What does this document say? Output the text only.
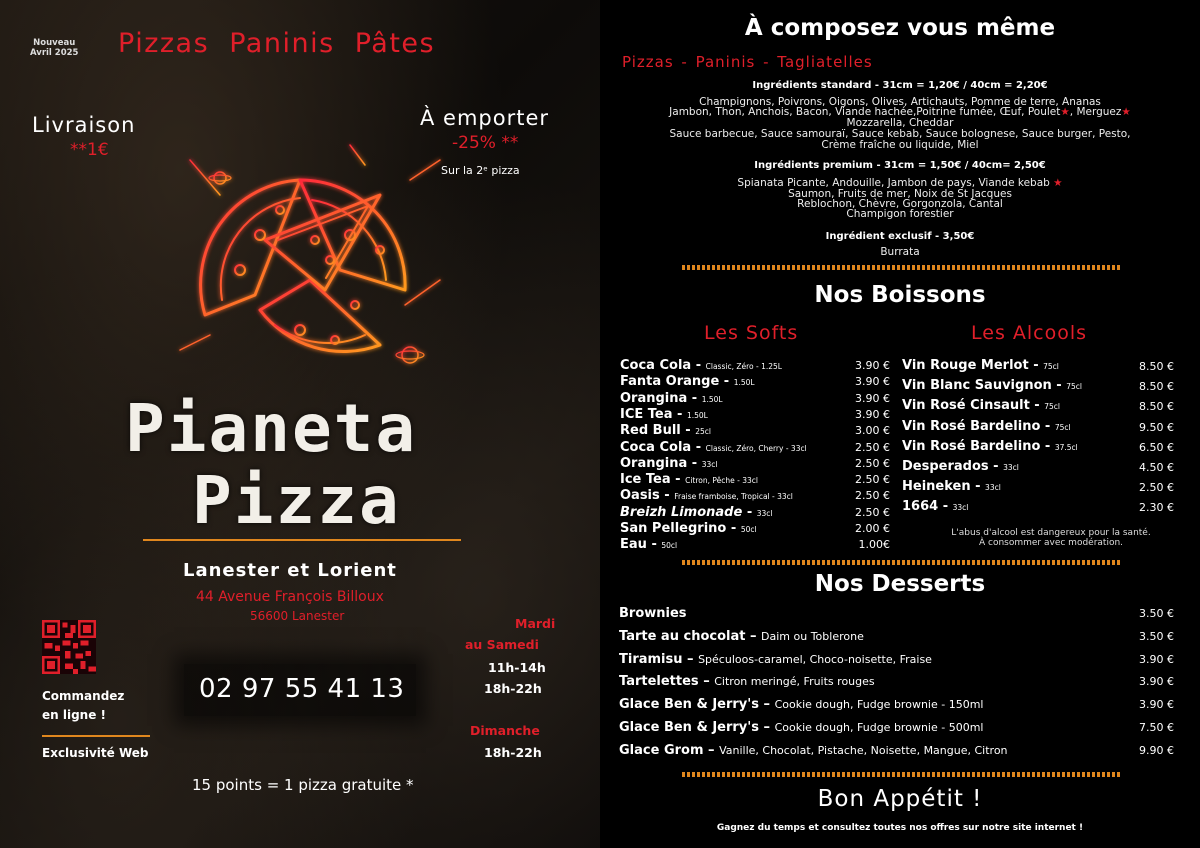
Nouveau
Avril 2025 Pizzas Paninis Pâtes
Livraison
**1€
À emporter
-25% **
Sur la 2ᵉ pizza
Pianeta
Pizza
Lanester et Lorient
44 Avenue François Billoux
56600 Lanester
Commandez
en ligne !
Exclusivité Web
02 97 55 41 13
Mardi
au Samedi
11h-14h
18h-22h
Dimanche
18h-22h
15 points = 1 pizza gratuite *
À composez vous même
Pizzas - Paninis - Tagliatelles
Ingrédients standard - 31cm = 1,20€ / 40cm = 2,20€
Champignons, Poivrons, Oigons, Olives, Artichauts, Pomme de terre, Ananas
Jambon, Thon, Anchois, Bacon, Viande hachée,Poitrine fumée, Œuf, Poulet★, Merguez★
Mozzarella, Cheddar
Sauce barbecue, Sauce samouraï, Sauce kebab, Sauce bolognese, Sauce burger, Pesto,
Crème fraîche ou liquide, Miel
Ingrédients premium - 31cm = 1,50€ / 40cm= 2,50€
Spianata Picante, Andouille, Jambon de pays, Viande kebab ★
Saumon, Fruits de mer, Noix de St Jacques
Reblochon, Chèvre, Gorgonzola, Cantal
Champigon forestier
Ingrédient exclusif - 3,50€
Burrata
Nos Boissons
Les Softs	Les Alcools
Coca Cola - Classic, Zéro - 1.25L	3.90 €
Fanta Orange - 1.50L	3.90 €
Orangina - 1.50L	3.90 €
ICE Tea - 1.50L	3.90 €
Red Bull - 25cl	3.00 €
Coca Cola - Classic, Zéro, Cherry - 33cl	2.50 €
Orangina - 33cl	2.50 €
Ice Tea - Citron, Pêche - 33cl	2.50 €
Oasis - Fraise framboise, Tropical - 33cl	2.50 €
Breizh Limonade - 33cl	2.50 €
San Pellegrino - 50cl	2.00 €
Eau - 50cl	1.00€
Vin Rouge Merlot - 75cl	8.50 €
Vin Blanc Sauvignon - 75cl	8.50 €
Vin Rosé Cinsault - 75cl	8.50 €
Vin Rosé Bardelino - 75cl	9.50 €
Vin Rosé Bardelino - 37.5cl	6.50 €
Desperados - 33cl	4.50 €
Heineken - 33cl	2.50 €
1664 - 33cl	2.30 €
L'abus d'alcool est dangereux pour la santé.
À consommer avec modération.
Nos Desserts
Brownies	3.50 €
Tarte au chocolat – Daim ou Toblerone	3.50 €
Tiramisu – Spéculoos-caramel, Choco-noisette, Fraise	3.90 €
Tartelettes – Citron meringé, Fruits rouges	3.90 €
Glace Ben & Jerry's – Cookie dough, Fudge brownie - 150ml	3.90 €
Glace Ben & Jerry's – Cookie dough, Fudge brownie - 500ml	7.50 €
Glace Grom – Vanille, Chocolat, Pistache, Noisette, Mangue, Citron	9.90 €
Bon Appétit !
Gagnez du temps et consultez toutes nos offres sur notre site internet !
